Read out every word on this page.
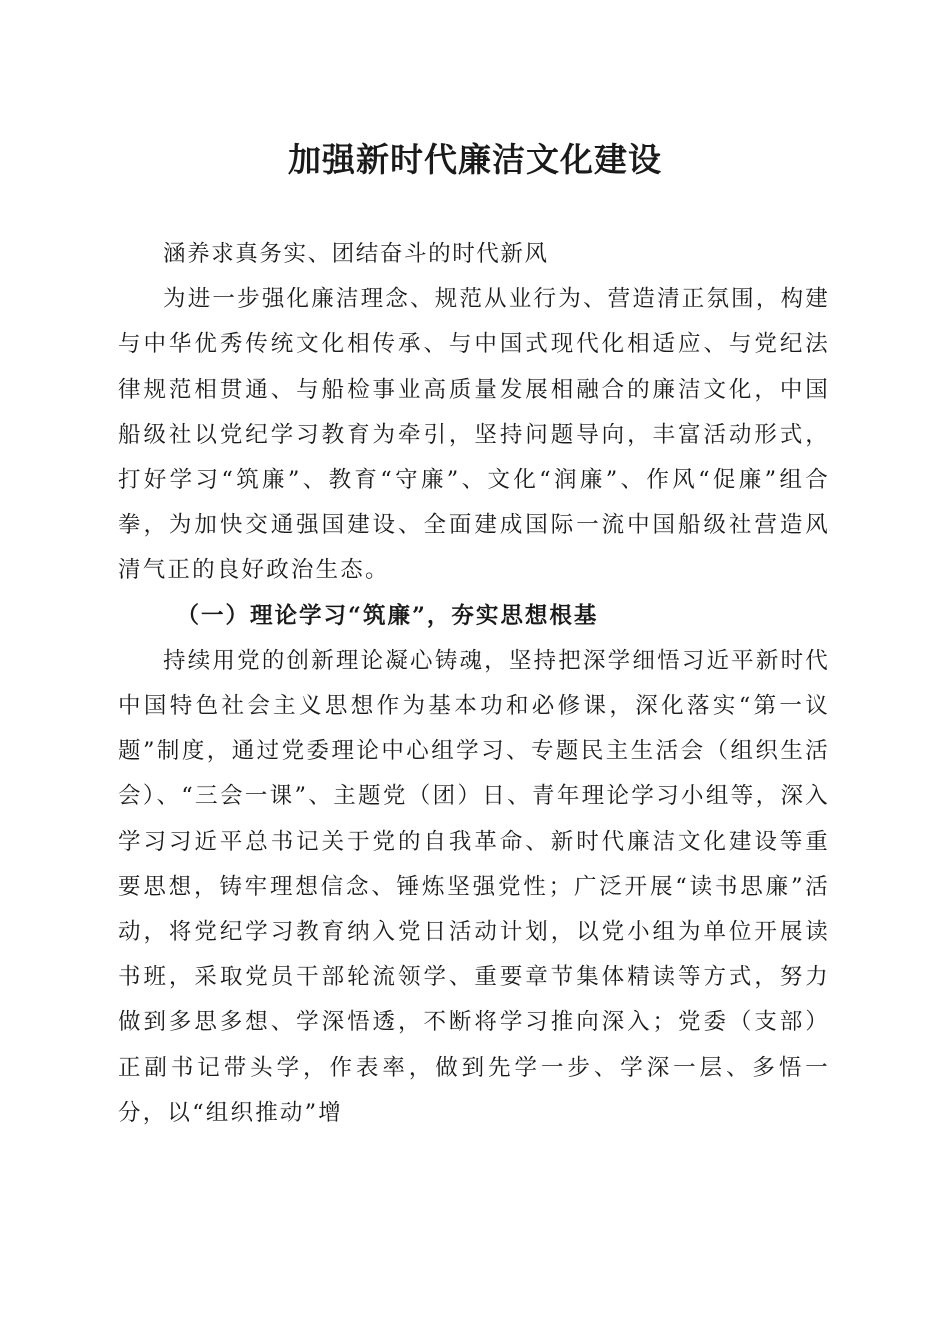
加强新时代廉洁文化建设

涵养求真务实、团结奋斗的时代新风

为进一步强化廉洁理念、规范从业行为、营造清正氛围，构建与中华优秀传统文化相传承、与中国式现代化相适应、与党纪法律规范相贯通、与船检事业高质量发展相融合的廉洁文化，中国船级社以党纪学习教育为牵引，坚持问题导向，丰富活动形式，打好学习“筑廉”、教育“守廉”、文化“润廉”、作风“促廉”组合拳，为加快交通强国建设、全面建成国际一流中国船级社营造风清气正的良好政治生态。

（一）理论学习“筑廉”，夯实思想根基

持续用党的创新理论凝心铸魂，坚持把深学细悟习近平新时代中国特色社会主义思想作为基本功和必修课，深化落实“第一议题”制度，通过党委理论中心组学习、专题民主生活会（组织生活会）、“三会一课”、主题党（团）日、青年理论学习小组等，深入学习习近平总书记关于党的自我革命、新时代廉洁文化建设等重要思想，铸牢理想信念、锤炼坚强党性；广泛开展“读书思廉”活动，将党纪学习教育纳入党日活动计划，以党小组为单位开展读书班，采取党员干部轮流领学、重要章节集体精读等方式，努力做到多思多想、学深悟透，不断将学习推向深入；党委（支部）正副书记带头学，作表率，做到先学一步、学深一层、多悟一分，以“组织推动”增
